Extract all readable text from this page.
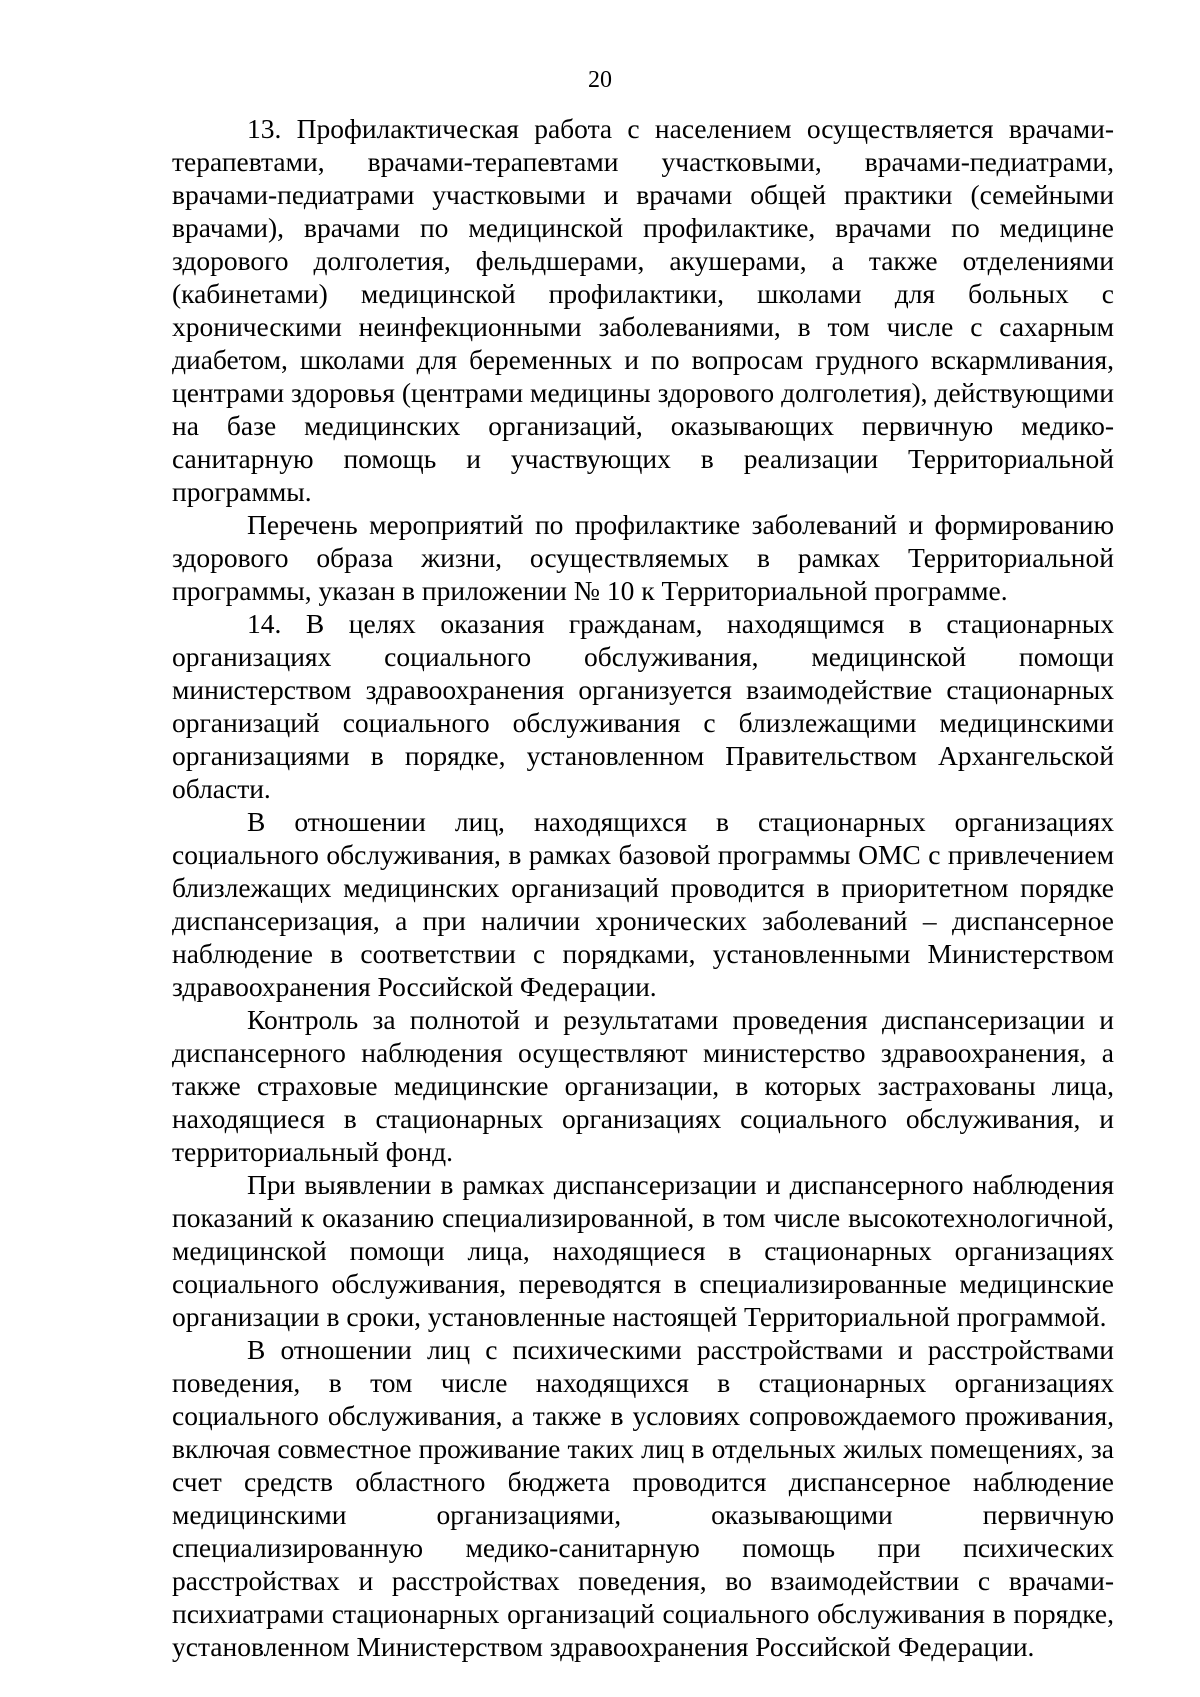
20

13. Профилактическая работа с населением осуществляется врачами-терапевтами, врачами-терапевтами участковыми, врачами-педиатрами, врачами-педиатрами участковыми и врачами общей практики (семейными врачами), врачами по медицинской профилактике, врачами по медицине здорового долголетия, фельдшерами, акушерами, а также отделениями (кабинетами) медицинской профилактики, школами для больных с хроническими неинфекционными заболеваниями, в том числе с сахарным диабетом, школами для беременных и по вопросам грудного вскармливания, центрами здоровья (центрами медицины здорового долголетия), действующими на базе медицинских организаций, оказывающих первичную медико-санитарную помощь и участвующих в реализации Территориальной программы.

Перечень мероприятий по профилактике заболеваний и формированию здорового образа жизни, осуществляемых в рамках Территориальной программы, указан в приложении № 10 к Территориальной программе.

14. В целях оказания гражданам, находящимся в стационарных организациях социального обслуживания, медицинской помощи министерством здравоохранения организуется взаимодействие стационарных организаций социального обслуживания с близлежащими медицинскими организациями в порядке, установленном Правительством Архангельской области.

В отношении лиц, находящихся в стационарных организациях социального обслуживания, в рамках базовой программы ОМС с привлечением близлежащих медицинских организаций проводится в приоритетном порядке диспансеризация, а при наличии хронических заболеваний – диспансерное наблюдение в соответствии с порядками, установленными Министерством здравоохранения Российской Федерации.

Контроль за полнотой и результатами проведения диспансеризации и диспансерного наблюдения осуществляют министерство здравоохранения, а также страховые медицинские организации, в которых застрахованы лица, находящиеся в стационарных организациях социального обслуживания, и территориальный фонд.

При выявлении в рамках диспансеризации и диспансерного наблюдения показаний к оказанию специализированной, в том числе высокотехнологичной, медицинской помощи лица, находящиеся в стационарных организациях социального обслуживания, переводятся в специализированные медицинские организации в сроки, установленные настоящей Территориальной программой.

В отношении лиц с психическими расстройствами и расстройствами поведения, в том числе находящихся в стационарных организациях социального обслуживания, а также в условиях сопровождаемого проживания, включая совместное проживание таких лиц в отдельных жилых помещениях, за счет средств областного бюджета проводится диспансерное наблюдение медицинскими организациями, оказывающими первичную специализированную медико-санитарную помощь при психических расстройствах и расстройствах поведения, во взаимодействии с врачами-психиатрами стационарных организаций социального обслуживания в порядке, установленном Министерством здравоохранения Российской Федерации.
